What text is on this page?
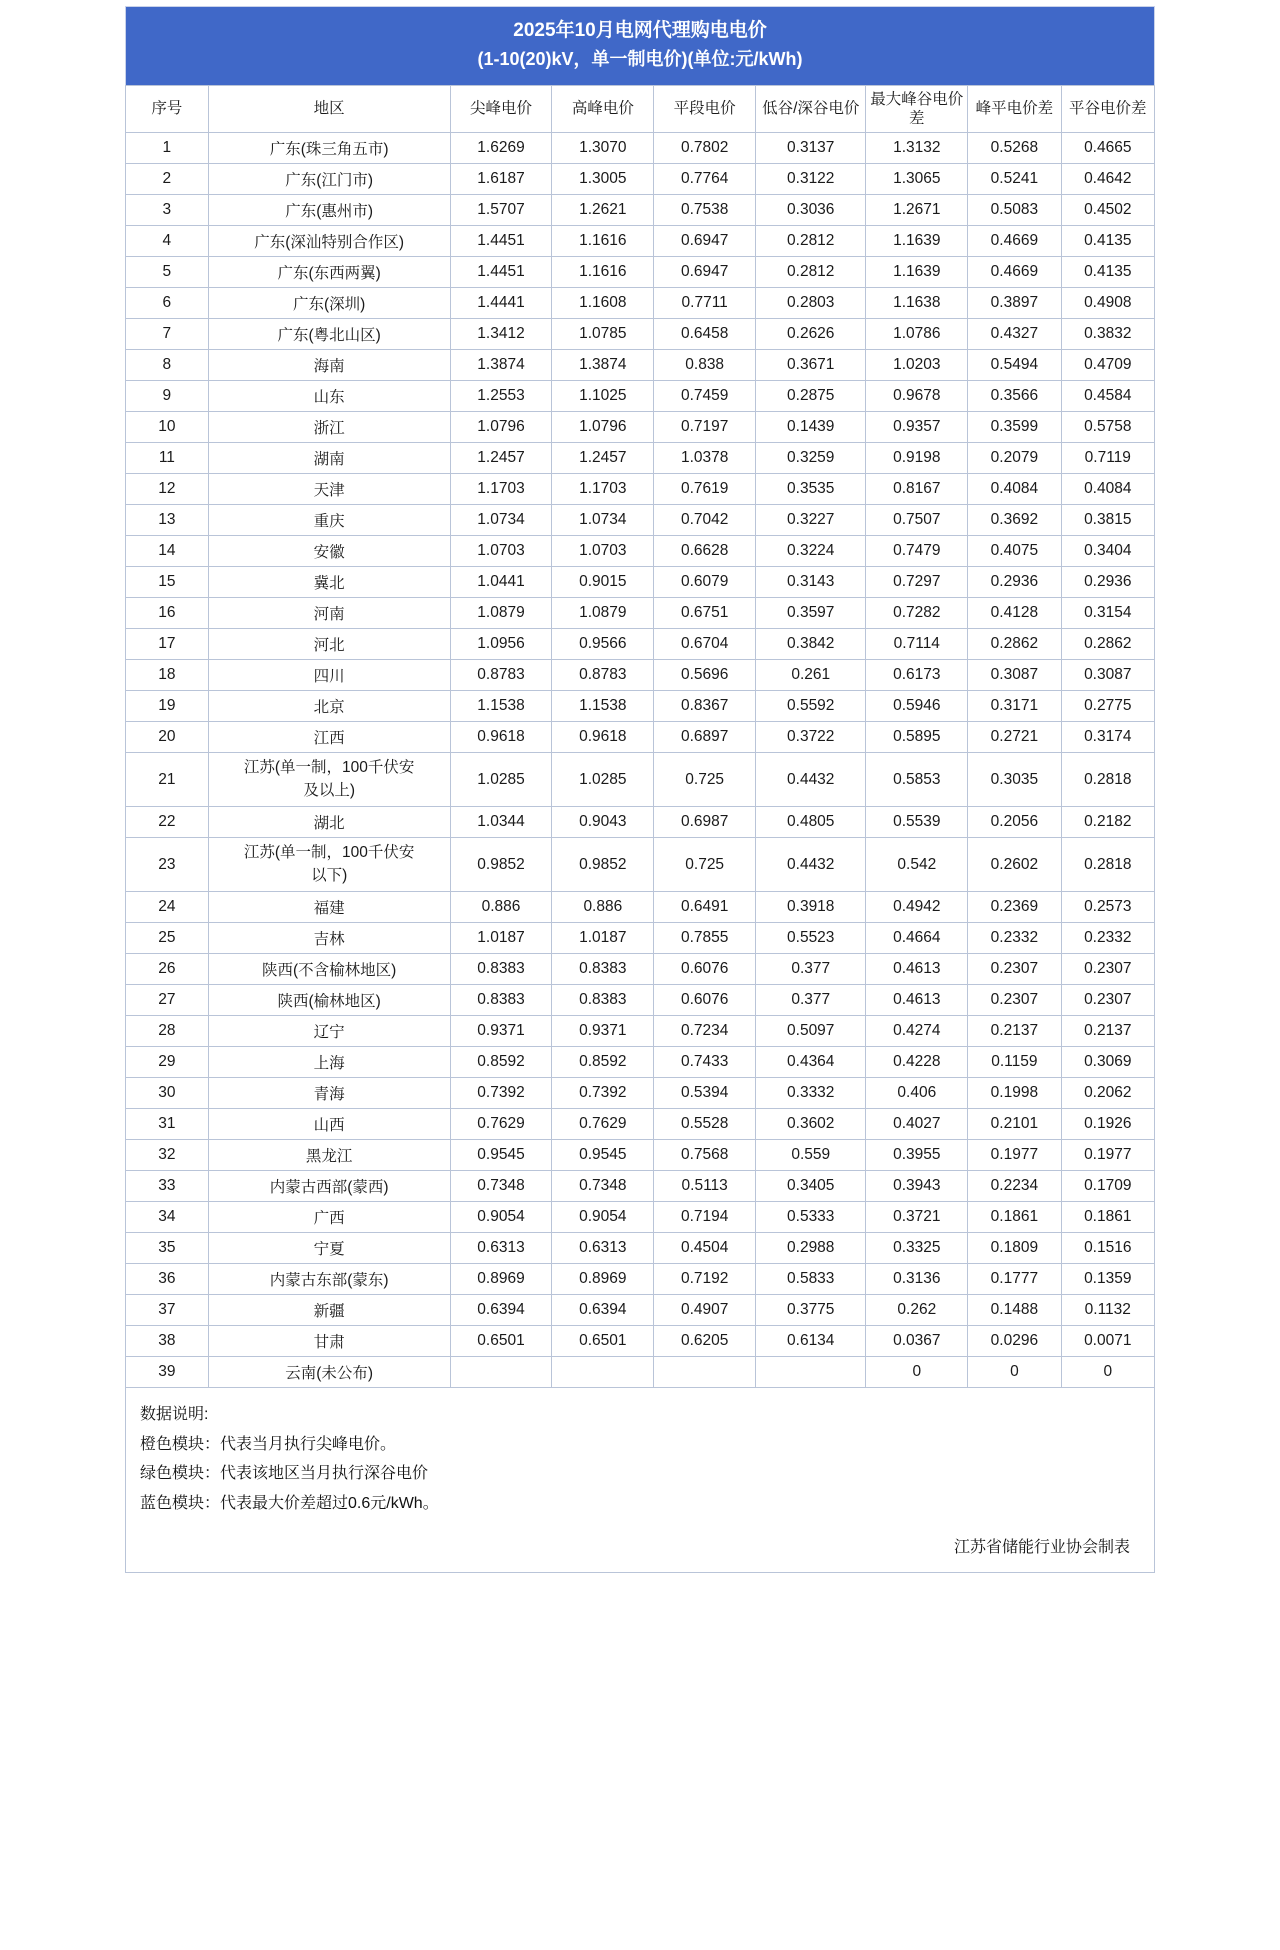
2025年10月电网代理购电电价
(1-10(20)kV，单一制电价)(单位:元/kWh)
序号	地区	尖峰电价	高峰电价	平段电价	低谷/深谷电价	最大峰谷电价差	峰平电价差	平谷电价差
1	广东(珠三角五市)	1.6269	1.3070	0.7802	0.3137	1.3132	0.5268	0.4665
2	广东(江门市)	1.6187	1.3005	0.7764	0.3122	1.3065	0.5241	0.4642
3	广东(惠州市)	1.5707	1.2621	0.7538	0.3036	1.2671	0.5083	0.4502
4	广东(深汕特别合作区)	1.4451	1.1616	0.6947	0.2812	1.1639	0.4669	0.4135
5	广东(东西两翼)	1.4451	1.1616	0.6947	0.2812	1.1639	0.4669	0.4135
6	广东(深圳)	1.4441	1.1608	0.7711	0.2803	1.1638	0.3897	0.4908
7	广东(粤北山区)	1.3412	1.0785	0.6458	0.2626	1.0786	0.4327	0.3832
8	海南	1.3874	1.3874	0.838	0.3671	1.0203	0.5494	0.4709
9	山东	1.2553	1.1025	0.7459	0.2875	0.9678	0.3566	0.4584
10	浙江	1.0796	1.0796	0.7197	0.1439	0.9357	0.3599	0.5758
11	湖南	1.2457	1.2457	1.0378	0.3259	0.9198	0.2079	0.7119
12	天津	1.1703	1.1703	0.7619	0.3535	0.8167	0.4084	0.4084
13	重庆	1.0734	1.0734	0.7042	0.3227	0.7507	0.3692	0.3815
14	安徽	1.0703	1.0703	0.6628	0.3224	0.7479	0.4075	0.3404
15	冀北	1.0441	0.9015	0.6079	0.3143	0.7297	0.2936	0.2936
16	河南	1.0879	1.0879	0.6751	0.3597	0.7282	0.4128	0.3154
17	河北	1.0956	0.9566	0.6704	0.3842	0.7114	0.2862	0.2862
18	四川	0.8783	0.8783	0.5696	0.261	0.6173	0.3087	0.3087
19	北京	1.1538	1.1538	0.8367	0.5592	0.5946	0.3171	0.2775
20	江西	0.9618	0.9618	0.6897	0.3722	0.5895	0.2721	0.3174
21	江苏(单一制，100千伏安
及以上)	1.0285	1.0285	0.725	0.4432	0.5853	0.3035	0.2818
22	湖北	1.0344	0.9043	0.6987	0.4805	0.5539	0.2056	0.2182
23	江苏(单一制，100千伏安
以下)	0.9852	0.9852	0.725	0.4432	0.542	0.2602	0.2818
24	福建	0.886	0.886	0.6491	0.3918	0.4942	0.2369	0.2573
25	吉林	1.0187	1.0187	0.7855	0.5523	0.4664	0.2332	0.2332
26	陕西(不含榆林地区)	0.8383	0.8383	0.6076	0.377	0.4613	0.2307	0.2307
27	陕西(榆林地区)	0.8383	0.8383	0.6076	0.377	0.4613	0.2307	0.2307
28	辽宁	0.9371	0.9371	0.7234	0.5097	0.4274	0.2137	0.2137
29	上海	0.8592	0.8592	0.7433	0.4364	0.4228	0.1159	0.3069
30	青海	0.7392	0.7392	0.5394	0.3332	0.406	0.1998	0.2062
31	山西	0.7629	0.7629	0.5528	0.3602	0.4027	0.2101	0.1926
32	黑龙江	0.9545	0.9545	0.7568	0.559	0.3955	0.1977	0.1977
33	内蒙古西部(蒙西)	0.7348	0.7348	0.5113	0.3405	0.3943	0.2234	0.1709
34	广西	0.9054	0.9054	0.7194	0.5333	0.3721	0.1861	0.1861
35	宁夏	0.6313	0.6313	0.4504	0.2988	0.3325	0.1809	0.1516
36	内蒙古东部(蒙东)	0.8969	0.8969	0.7192	0.5833	0.3136	0.1777	0.1359
37	新疆	0.6394	0.6394	0.4907	0.3775	0.262	0.1488	0.1132
38	甘肃	0.6501	0.6501	0.6205	0.6134	0.0367	0.0296	0.0071
39	云南(未公布)					0	0	0
数据说明:
橙色模块：代表当月执行尖峰电价。
绿色模块：代表该地区当月执行深谷电价
蓝色模块：代表最大价差超过0.6元/kWh。
江苏省储能行业协会制表
